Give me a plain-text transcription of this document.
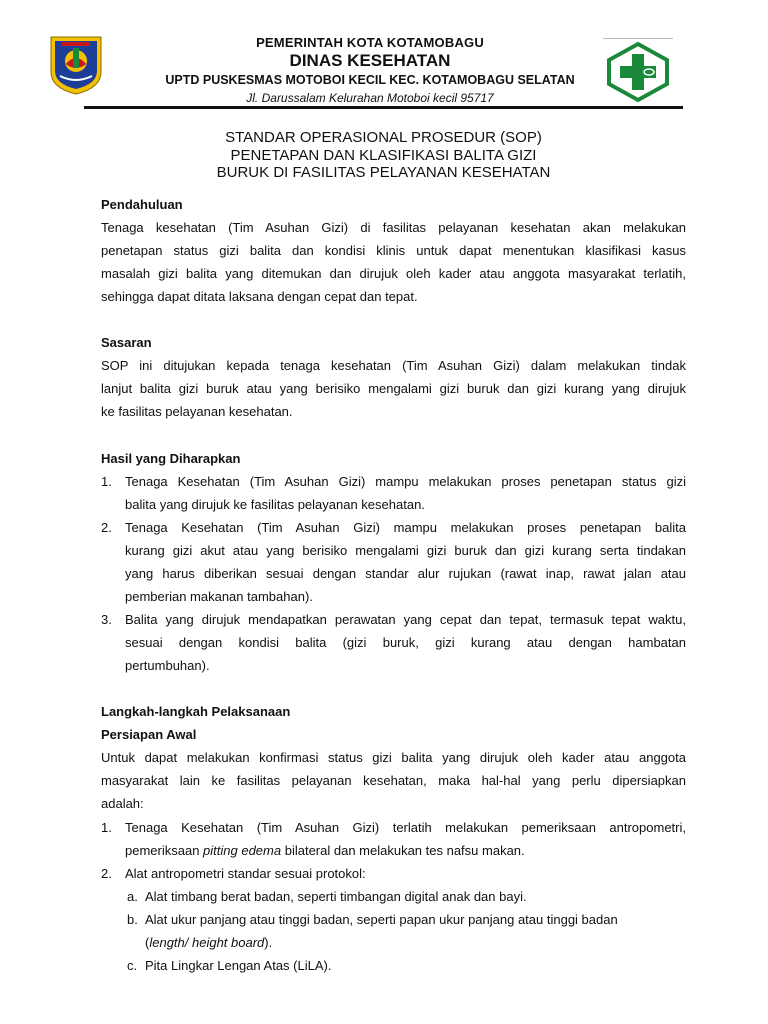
PEMERINTAH KOTA KOTAMOBAGU
DINAS KESEHATAN
UPTD PUSKESMAS MOTOBOI KECIL KEC. KOTAMOBAGU SELATAN
Jl. Darussalam Kelurahan Motoboi kecil 95717
STANDAR OPERASIONAL PROSEDUR (SOP)
PENETAPAN DAN KLASIFIKASI BALITA GIZI
BURUK DI FASILITAS PELAYANAN KESEHATAN
Pendahuluan
Tenaga kesehatan (Tim Asuhan Gizi) di fasilitas pelayanan kesehatan akan melakukan
penetapan status gizi balita dan kondisi klinis untuk dapat menentukan klasifikasi kasus
masalah gizi balita yang ditemukan dan dirujuk oleh kader atau anggota masyarakat terlatih,
sehingga dapat ditata laksana dengan cepat dan tepat.
Sasaran
SOP ini ditujukan kepada tenaga kesehatan (Tim Asuhan Gizi) dalam melakukan tindak
lanjut balita gizi buruk atau yang berisiko mengalami gizi buruk dan gizi kurang yang dirujuk
ke fasilitas pelayanan kesehatan.
Hasil yang Diharapkan
1. Tenaga Kesehatan (Tim Asuhan Gizi) mampu melakukan proses penetapan status gizi
balita yang dirujuk ke fasilitas pelayanan kesehatan.
2. Tenaga Kesehatan (Tim Asuhan Gizi) mampu melakukan proses penetapan balita
kurang gizi akut atau yang berisiko mengalami gizi buruk dan gizi kurang serta tindakan
yang harus diberikan sesuai dengan standar alur rujukan (rawat inap, rawat jalan atau
pemberian makanan tambahan).
3. Balita yang dirujuk mendapatkan perawatan yang cepat dan tepat, termasuk tepat waktu,
sesuai dengan kondisi balita (gizi buruk, gizi kurang atau dengan hambatan
pertumbuhan).
Langkah-langkah Pelaksanaan
Persiapan Awal
Untuk dapat melakukan konfirmasi status gizi balita yang dirujuk oleh kader atau anggota
masyarakat lain ke fasilitas pelayanan kesehatan, maka hal-hal yang perlu dipersiapkan
adalah:
1. Tenaga Kesehatan (Tim Asuhan Gizi) terlatih melakukan pemeriksaan antropometri,
pemeriksaan pitting edema bilateral dan melakukan tes nafsu makan.
2. Alat antropometri standar sesuai protokol:
a. Alat timbang berat badan, seperti timbangan digital anak dan bayi.
b. Alat ukur panjang atau tinggi badan, seperti papan ukur panjang atau tinggi badan
(length/ height board).
c. Pita Lingkar Lengan Atas (LiLA).
